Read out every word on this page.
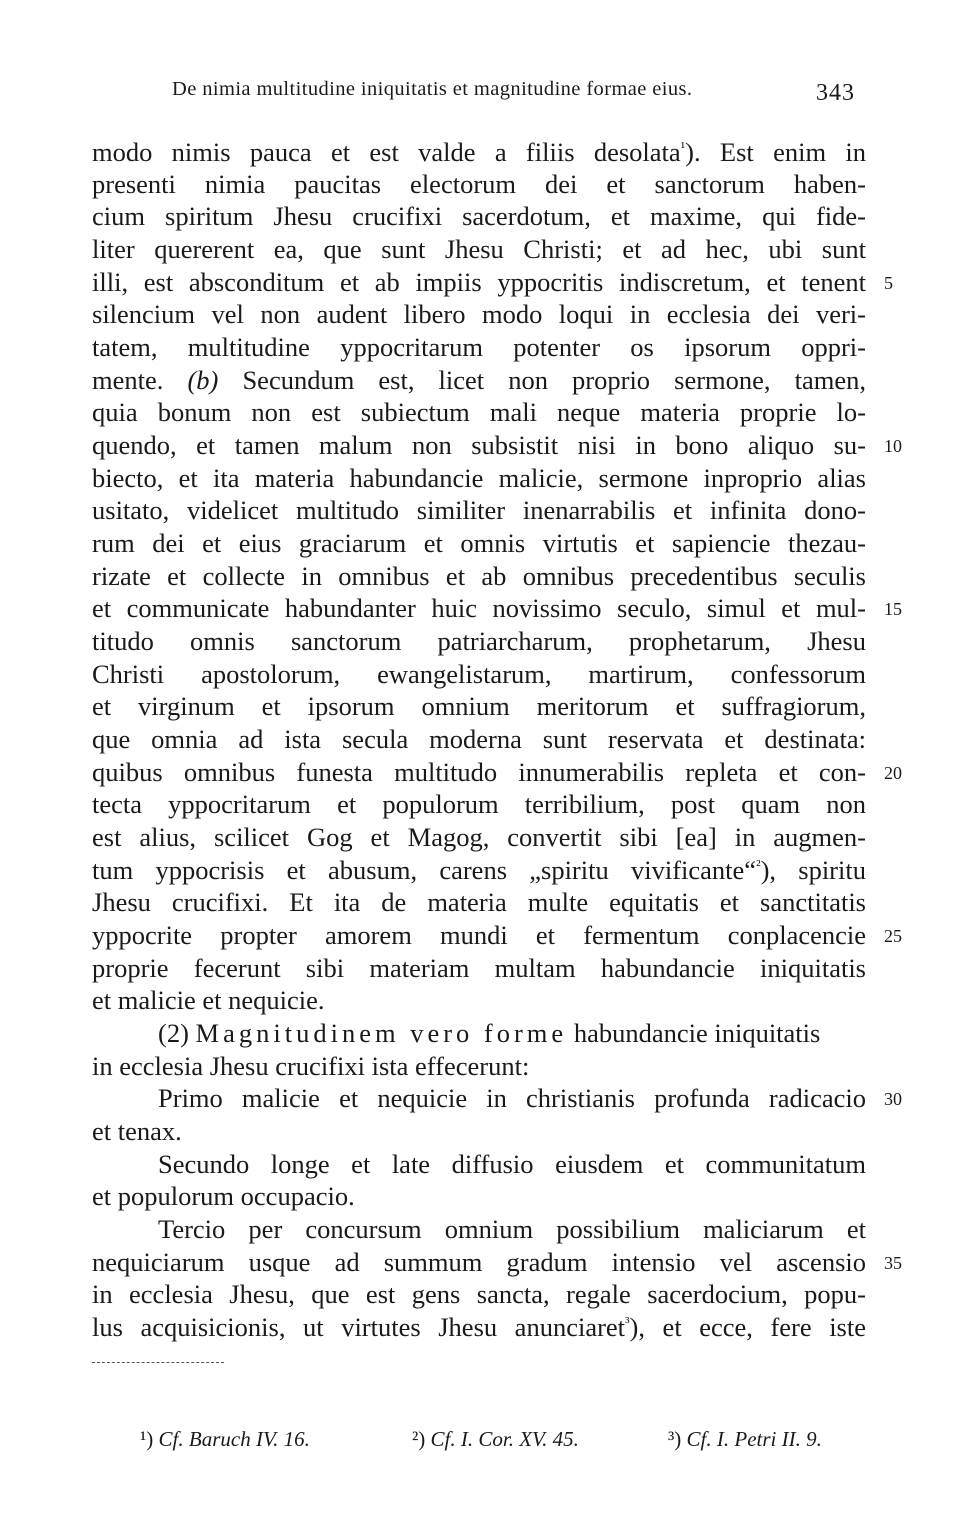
De nimia multitudine iniquitatis et magnitudine formae eius.	343
modo nimis pauca et est valde a filiis desolata$^{^1}$). Est enim in
presenti nimia paucitas electorum dei et sanctorum haben-
cium spiritum Jhesu crucifixi sacerdotum, et maxime, qui fide-
liter quererent ea, que sunt Jhesu Christi; et ad hec, ubi sunt
illi, est absconditum et ab impiis yppocritis indiscretum, et tenent
silencium vel non audent libero modo loqui in ecclesia dei veri-
tatem, multitudine yppocritarum potenter os ipsorum oppri-
mente. (b) Secundum est, licet non proprio sermone, tamen,
quia bonum non est subiectum mali neque materia proprie lo-
quendo, et tamen malum non subsistit nisi in bono aliquo su-
biecto, et ita materia habundancie malicie, sermone inproprio alias
usitato, videlicet multitudo similiter inenarrabilis et infinita dono-
rum dei et eius graciarum et omnis virtutis et sapiencie thezau-
rizate et collecte in omnibus et ab omnibus precedentibus seculis
et communicate habundanter huic novissimo seculo, simul et mul-
titudo omnis sanctorum patriarcharum, prophetarum, Jhesu
Christi apostolorum, ewangelistarum, martirum, confessorum
et virginum et ipsorum omnium meritorum et suffragiorum,
que omnia ad ista secula moderna sunt reservata et destinata:
quibus omnibus funesta multitudo innumerabilis repleta et con-
tecta yppocritarum et populorum terribilium, post quam non
est alius, scilicet Gog et Magog, convertit sibi [ea] in augmen-
tum yppocrisis et abusum, carens „spiritu vivificante“$^{^2}$), spiritu
Jhesu crucifixi. Et ita de materia multe equitatis et sanctitatis
yppocrite propter amorem mundi et fermentum conplacencie
proprie fecerunt sibi materiam multam habundancie iniquitatis
et malicie et nequicie.
(2) Magnitudinem vero forme habundancie iniquitatis
in ecclesia Jhesu crucifixi ista effecerunt:
Primo malicie et nequicie in christianis profunda radicacio
et tenax.
Secundo longe et late diffusio eiusdem et communitatum
et populorum occupacio.
Tercio per concursum omnium possibilium maliciarum et
nequiciarum usque ad summum gradum intensio vel ascensio
in ecclesia Jhesu, que est gens sancta, regale sacerdocium, popu-
lus acquisicionis, ut virtutes Jhesu anunciaret$^{^3}$), et ecce, fere iste
5
10
15
20
25
30
35
¹) Cf. Baruch IV. 16.	²) Cf. I. Cor. XV. 45.	³) Cf. I. Petri II. 9.
